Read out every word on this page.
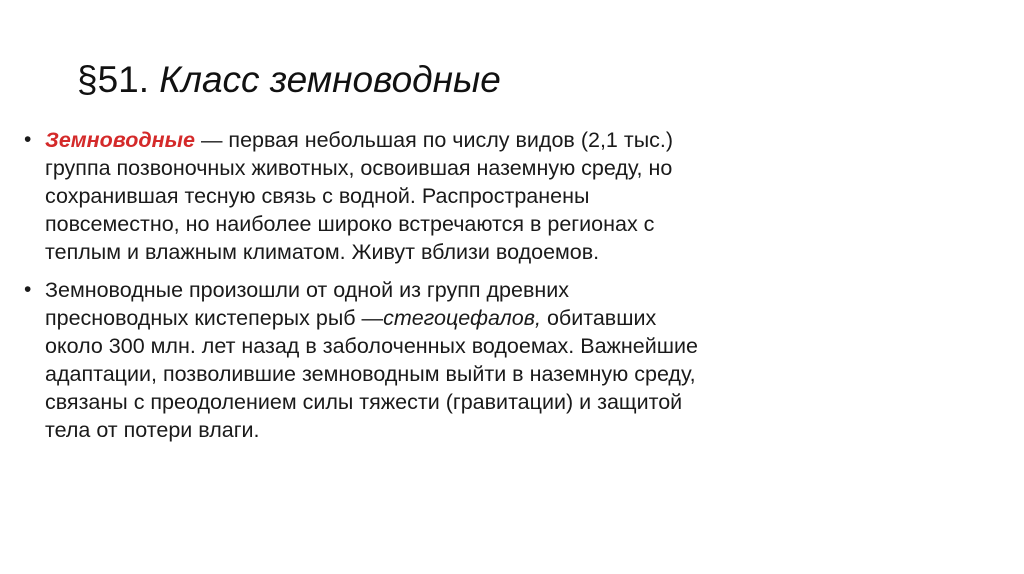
§51. Класс земноводные
• Земноводные — первая небольшая по числу видов (2,1 тыс.)
группа позвоночных животных, освоившая наземную среду, но
сохранившая тесную связь с водной. Распространены
повсеместно, но наиболее широко встречаются в регионах с
теплым и влажным климатом. Живут вблизи водоемов.
• Земноводные произошли от одной из групп древних
пресноводных кистеперых рыб —стегоцефалов, обитавших
около 300 млн. лет назад в заболоченных водоемах. Важнейшие
адаптации, позволившие земноводным выйти в наземную среду,
связаны с преодолением силы тяжести (гравитации) и защитой
тела от потери влаги.
